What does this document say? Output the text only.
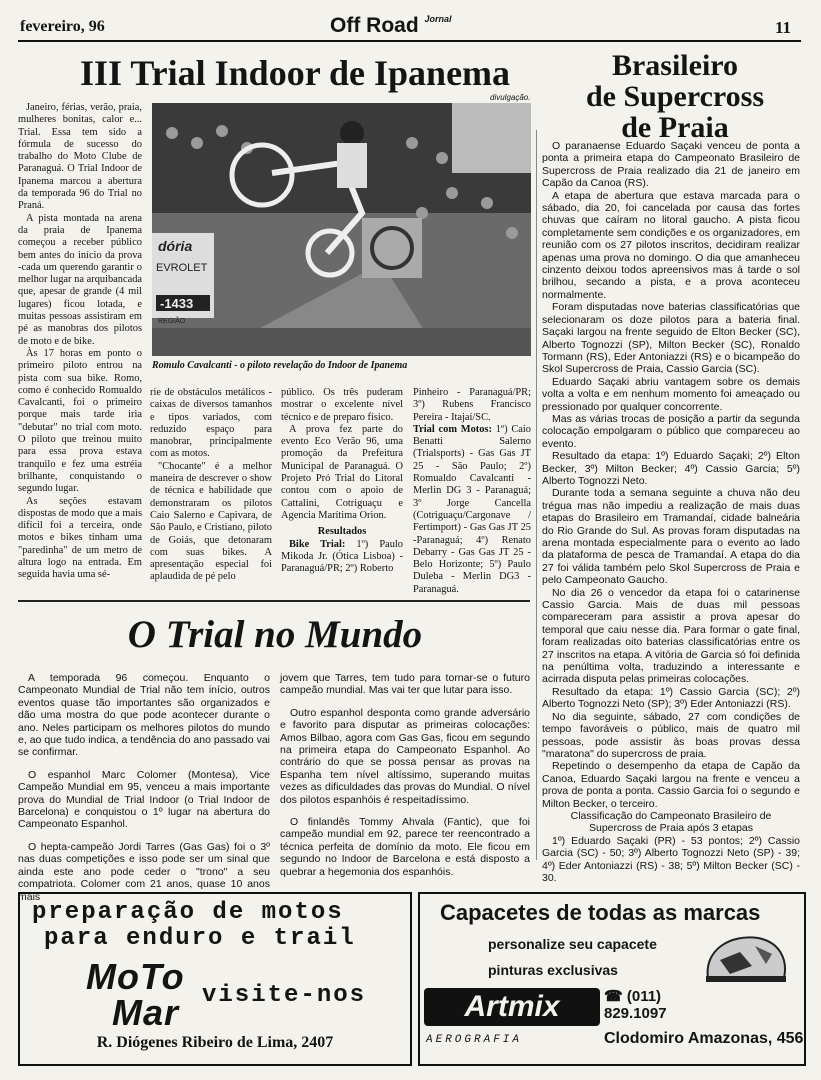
fevereiro, 96	Off Road $^{Jornal}$	11
III Trial Indoor de Ipanema
divulgação.

Janeiro, férias, verão, praia, mulheres bonitas, calor e... Trial. Essa tem sido a fórmula de sucesso do trabalho do Moto Clube de Paranaguá. O Trial Indoor de Ipanema marcou a abertura da temporada 96 do Trial no Praná.

A pista montada na arena da praia de Ipanema começou a receber público bem antes do início da prova -cada um querendo garantir o melhor lugar na arquibancada que, apesar de grande (4 mil lugares) ficou lotada, e muitas pessoas assistiram em pé as manobras dos pilotos de moto e de bike.

Às 17 horas em ponto o primeiro piloto entrou na pista com sua bike. Romo, como é conhecido Romualdo Cavalcanti, foi o primeiro porque mais tarde iria "debutar" no trial com moto. O piloto que treinou muito para essa prova estava tranquilo e fez uma estréia brilhante, conquistando o segundo lugar.

As seções estavam dispostas de modo que a mais difícil foi a terceira, onde motos e bikes tinham uma "paredinha" de um metro de altura logo na entrada. Em seguida havia uma sé-

dória
EVROLET
-1433
REGIÃO
Romulo Cavalcanti - o piloto revelação do Indoor de Ipanema

rie de obstáculos metálicos - caixas de diversos tamanhos e tipos variados, com reduzido espaço para manobrar, principalmente com as motos.

"Chocante" é a melhor maneira de descrever o show de técnica e habilidade que demonstraram os pilotos Caio Salerno e Capivara, de São Paulo, e Cristiano, piloto de Goiás, que detonaram com suas bikes. A apresentação especial foi aplaudida de pé pelo

público. Os três puderam mostrar o excelente nível técnico e de preparo físico.

A prova fez parte do evento Eco Verão 96, uma promoção da Prefeitura Municipal de Paranaguá. O Projeto Pró Trial do Litoral contou com o apoio de Cattalini, Cotriguaçu e Agencia Marítima Orion.

Resultados

Bike Trial: 1º) Paulo Mikoda Jr. (Ótica Lisboa) - Paranaguá/PR; 2º) Roberto

Pinheiro - Paranaguá/PR; 3º) Rubens Francisco Pereira - Itajaí/SC.

Trial com Motos: 1º) Caio Benatti Salerno (Trialsports) - Gas Gas JT 25 - São Paulo; 2º) Romualdo Cavalcanti - Merlin DG 3 - Paranaguá; 3º Jorge Cancella (Cotriguaçu/Cargonave / Fertimport) - Gas Gas JT 25 -Paranaguá; 4º) Renato Debarry - Gas Gas JT 25 - Belo Horizonte; 5º) Paulo Duleba - Merlin DG3 - Paranaguá.

Brasileiro
de Supercross
de Praia

O paranaense Eduardo Saçaki venceu de ponta a ponta a primeira etapa do Campeonato Brasileiro de Supercross de Praia realizado dia 21 de janeiro em Capão da Canoa (RS).

A etapa de abertura que estava marcada para o sábado, dia 20, foi cancelada por causa das fortes chuvas que caíram no litoral gaucho. A pista ficou completamente sem condições e os organizadores, em reunião com os 27 pilotos inscritos, decidiram realizar apenas uma prova no domingo. O dia que amanheceu cinzento deixou todos apreensivos mas à tarde o sol brilhou, secando a pista, e a prova aconteceu normalmente.

Foram disputadas nove baterias classificatórias que selecionaram os doze pilotos para a bateria final. Saçaki largou na frente seguido de Elton Becker (SC), Alberto Tognozzi (SP), Milton Becker (SC), Ronaldo Tormann (RS), Eder Antoniazzi (RS) e o bicampeão do Skol Supercross de Praia, Cassio Garcia (SC).

Eduardo Saçaki abriu vantagem sobre os demais volta a volta e em nenhum momento foi ameaçado ou pressionado por qualquer concorrente.

Mas as várias trocas de posição a partir da segunda colocação empolgaram o público que compareceu ao evento.

Resultado da etapa: 1º) Eduardo Saçaki; 2º) Elton Becker, 3º) Milton Becker; 4º) Cassio Garcia; 5º) Alberto Tognozzi Neto.

Durante toda a semana seguinte a chuva não deu trégua mas não impediu a realização de mais duas etapas do Brasileiro em Tramandaí, cidade balneária do Rio Grande do Sul. As provas foram disputadas na arena montada especialmente para o evento ao lado da plataforma de pesca de Tramandaí. A etapa do dia 27 foi válida também pelo Skol Supercross de Praia e pelo Campeonato Gaucho.

No dia 26 o vencedor da etapa foi o catarinense Cassio Garcia. Mais de duas mil pessoas compareceram para assistir a prova apesar do temporal que caiu nesse dia. Para formar o gate final, foram realizadas oito baterias classificatórias entre os 27 inscritos na etapa. A vitória de Garcia só foi definida na penúltima volta, traduzindo a interessante e acirrada disputa pelas primeiras colocações.

Resultado da etapa: 1º) Cassio Garcia (SC); 2º) Alberto Tognozzi Neto (SP); 3º) Eder Antoniazzi (RS).

No dia seguinte, sábado, 27 com condições de tempo favoráveis o público, mais de quatro mil pessoas, pode assistir às boas provas dessa "maratona" do supercross de praia.

Repetindo o desempenho da etapa de Capão da Canoa, Eduardo Saçaki largou na frente e venceu a prova de ponta a ponta. Cassio Garcia foi o segundo e Milton Becker, o terceiro.

Classificação do Campeonato Brasileiro de Supercross de Praia após 3 etapas

1º) Eduardo Saçaki (PR) - 53 pontos; 2º) Cassio Garcia (SC) - 50; 3º) Alberto Tognozzi Neto (SP) - 39; 4º) Eder Antoniazzi (RS) - 38; 5º) Milton Becker (SC) - 30.

O Trial no Mundo

A temporada 96 começou. Enquanto o Campeonato Mundial de Trial não tem início, outros eventos quase tão importantes são organizados e dão uma mostra do que pode acontecer durante o ano. Neles participam os melhores pilotos do mundo e, ao que tudo indica, a tendência do ano passado vai se confirmar.

O espanhol Marc Colomer (Montesa), Vice Campeão Mundial em 95, venceu a mais importante prova do Mundial de Trial Indoor (o Trial Indoor de Barcelona) e conquistou o 1º lugar na abertura do Campeonato Espanhol.

O hepta-campeão Jordi Tarres (Gas Gas) foi o 3º nas duas competições e isso pode ser um sinal que ainda este ano pode ceder o "trono" a seu compatriota. Colomer com 21 anos, quase 10 anos mais

jovem que Tarres, tem tudo para tornar-se o futuro campeão mundial. Mas vai ter que lutar para isso.

Outro espanhol desponta como grande adversário e favorito para disputar as primeiras colocações: Amos Bilbao, agora com Gas Gas, ficou em segundo na primeira etapa do Campeonato Espanhol. Ao contrário do que se possa pensar as provas na Espanha tem nível altíssimo, superando muitas vezes as dificuldades das provas do Mundial. O nível dos pilotos espanhóis é respeitadíssimo.

O finlandês Tommy Ahvala (Fantic), que foi campeão mundial em 92, parece ter reencontrado a técnica perfeita de domínio da moto. Ele ficou em segundo no Indoor de Barcelona e está disposto a quebrar a hegemonia dos espanhóis.

preparação de motos
para enduro e trail
MoTo
Mar visite-nos
R. Diógenes Ribeiro de Lima, 2407
Capacetes de todas as marcas
personalize seu capacete
pinturas exclusivas
Artmix
AEROGRAFIA
☎ (011)
829.1097
Clodomiro Amazonas, 456
